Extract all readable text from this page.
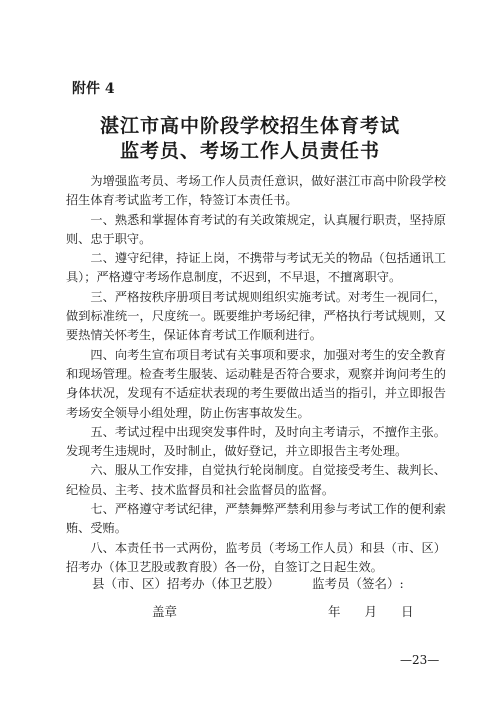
附件 4
湛江市高中阶段学校招生体育考试
监考员、考场工作人员责任书

为增强监考员、考场工作人员责任意识，做好湛江市高中阶段学校招生体育考试监考工作，特签订本责任书。

一、熟悉和掌握体育考试的有关政策规定，认真履行职责，坚持原则、忠于职守。

二、遵守纪律，持证上岗，不携带与考试无关的物品（包括通讯工具）；严格遵守考场作息制度，不迟到，不早退，不擅离职守。

三、严格按秩序册项目考试规则组织实施考试。对考生一视同仁，做到标准统一，尺度统一。既要维护考场纪律，严格执行考试规则，又要热情关怀考生，保证体育考试工作顺利进行。

四、向考生宣布项目考试有关事项和要求，加强对考生的安全教育和现场管理。检查考生服装、运动鞋是否符合要求，观察并询问考生的身体状况，发现有不适症状表现的考生要做出适当的指引，并立即报告考场安全领导小组处理，防止伤害事故发生。

五、考试过程中出现突发事件时，及时向主考请示，不擅作主张。发现考生违规时，及时制止，做好登记，并立即报告主考处理。

六、服从工作安排，自觉执行轮岗制度。自觉接受考生、裁判长、纪检员、主考、技术监督员和社会监督员的监督。

七、严格遵守考试纪律，严禁舞弊严禁利用参与考试工作的便利索贿、受贿。

八、本责任书一式两份，监考员（考场工作人员）和县（市、区）招考办（体卫艺股或教育股）各一份，自签订之日起生效。

县（市、区）招考办（体卫艺股）	监考员（签名）:
盖章	年 月 日
—23—
